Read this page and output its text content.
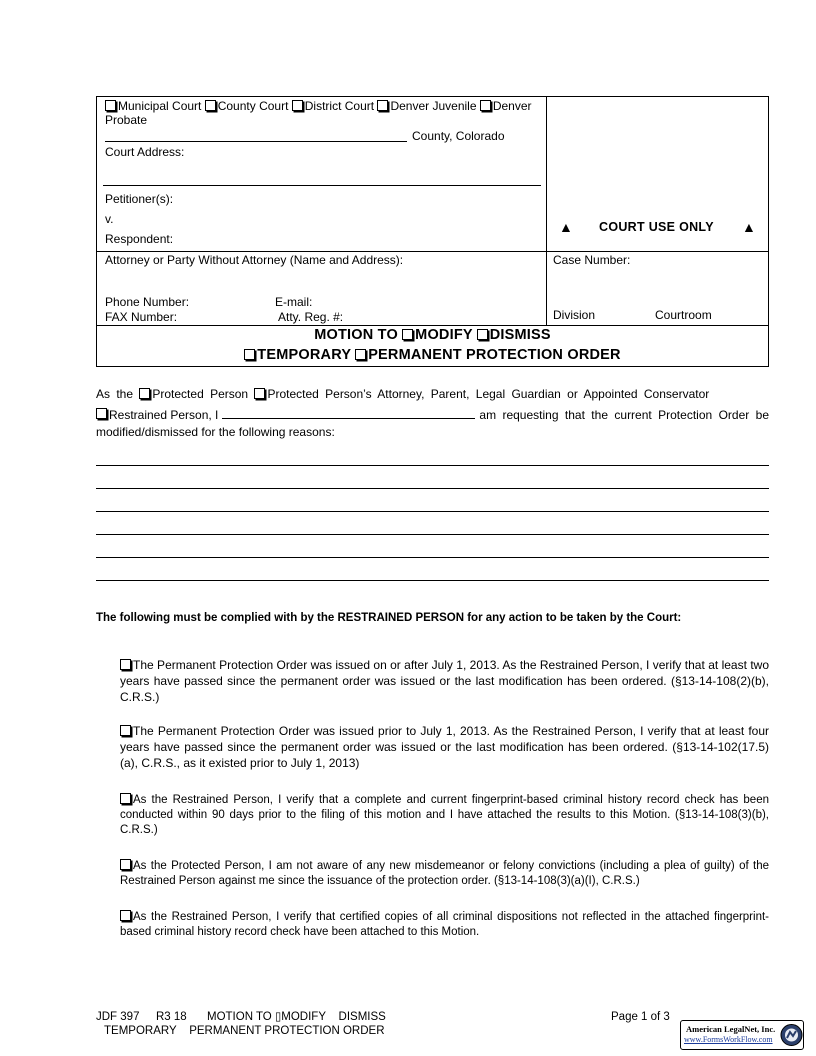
Municipal Court County Court District Court Denver Juvenile Denver Probate
County, Colorado
Court Address:
Petitioner(s):
v.
Respondent:
▲ COURT USE ONLY ▲
Attorney or Party Without Attorney (Name and Address):
Phone Number:	E-mail:
FAX Number:	Atty. Reg. #:
Case Number:
Division	Courtroom
MOTION TO MODIFY DISMISS
TEMPORARY PERMANENT PROTECTION ORDER
As the Protected Person Protected Person’s Attorney, Parent, Legal Guardian or Appointed Conservator
Restrained Person, I	am requesting that the current Protection Order be
modified/dismissed for the following reasons:
The following must be complied with by the RESTRAINED PERSON for any action to be taken by the Court:
The Permanent Protection Order was issued on or after July 1, 2013. As the Restrained Person, I verify that at least two years have passed since the permanent order was issued or the last modification has been ordered. (§13-14-108(2)(b), C.R.S.)
The Permanent Protection Order was issued prior to July 1, 2013. As the Restrained Person, I verify that at least four years have passed since the permanent order was issued or the last modification has been ordered. (§13-14-102(17.5)(a), C.R.S., as it existed prior to July 1, 2013)
As the Restrained Person, I verify that a complete and current fingerprint-based criminal history record check has been conducted within 90 days prior to the filing of this motion and I have attached the results to this Motion. (§13-14-108(3)(b), C.R.S.)
As the Protected Person, I am not aware of any new misdemeanor or felony convictions (including a plea of guilty) of the Restrained Person against me since the issuance of the protection order. (§13-14-108(3)(a)(I), C.R.S.)
As the Restrained Person, I verify that certified copies of all criminal dispositions not reflected in the attached fingerprint-based criminal history record check have been attached to this Motion.
JDF 397 R3 18 MOTION TO ▯MODIFY    DISMISS
TEMPORARY    PERMANENT PROTECTION ORDER
Page 1 of 3
American LegalNet, Inc.
www.FormsWorkFlow.com
